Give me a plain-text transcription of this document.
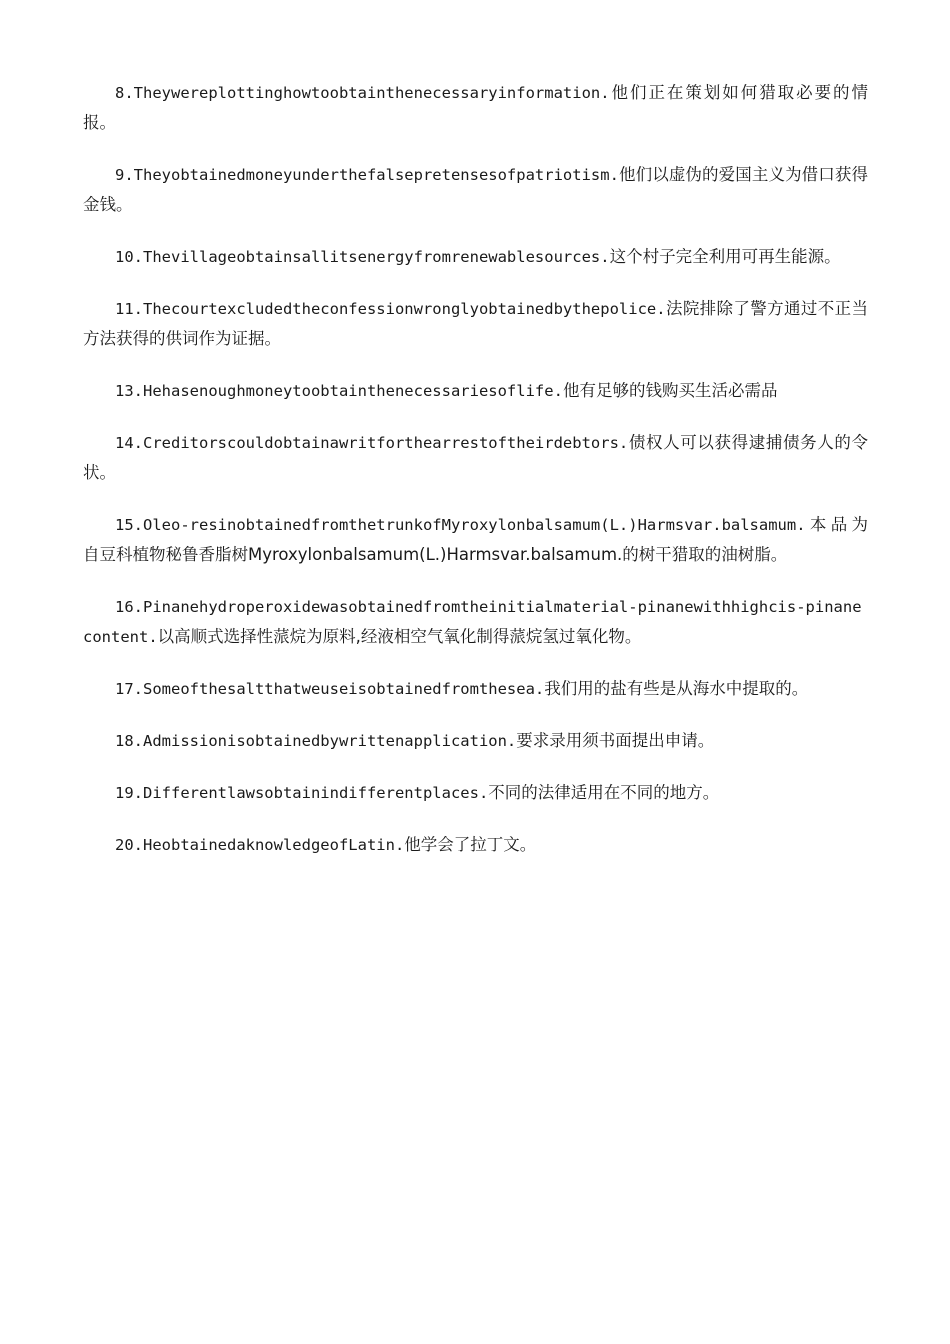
8.Theywereplottinghowtoobtainthenecessaryinformation.他们正在策划如何猎取必要的情报。

9.Theyobtainedmoneyunderthefalsepretensesofpatriotism.他们以虚伪的爱国主义为借口获得金钱。

10.Thevillageobtainsallitsenergyfromrenewablesources.这个村子完全利用可再生能源。

11.Thecourtexcludedtheconfessionwronglyobtainedbythepolice.法院排除了警方通过不正当方法获得的供词作为证据。

13.Hehasenoughmoneytoobtainthenecessariesoflife.他有足够的钱购买生活必需品

14.Creditorscouldobtainawritforthearrestoftheirdebtors.债权人可以获得逮捕债务人的令状。

15.Oleo-resinobtainedfromthetrunkofMyroxylonbalsamum(L.)Harmsvar.balsamum.本品为自豆科植物秘鲁香脂树Myroxylonbalsamum(L.)Harmsvar.balsamum.的树干猎取的油树脂。

16.Pinanehydroperoxidewasobtainedfromtheinitialmaterial-pinanewithhighcis-pinanecontent.以高顺式选择性蒎烷为原料,经液相空气氧化制得蒎烷氢过氧化物。

17.Someofthesaltthatweuseisobtainedfromthesea.我们用的盐有些是从海水中提取的。

18.Admissionisobtainedbywrittenapplication.要求录用须书面提出申请。

19.Differentlawsobtainindifferentplaces.不同的法律适用在不同的地方。

20.HeobtainedaknowledgeofLatin.他学会了拉丁文。
